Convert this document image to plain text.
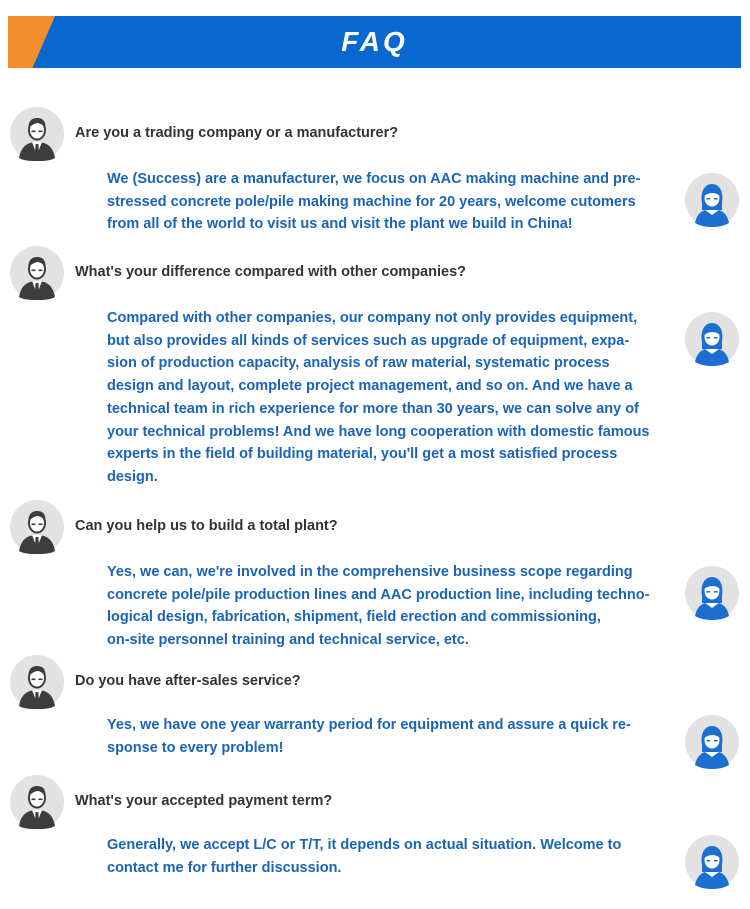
FAQ
Are you a trading company or a manufacturer?

We (Success) are a manufacturer, we focus on AAC making machine and pre-
stressed concrete pole/pile making machine for 20 years, welcome cutomers
from all of the world to visit us and visit the plant we build in China!

What's your difference compared with other companies?

Compared with other companies, our company not only provides equipment,
but also provides all kinds of services such as upgrade of equipment, expa-
sion of production capacity, analysis of raw material, systematic process
design and layout, complete project management, and so on. And we have a
technical team in rich experience for more than 30 years, we can solve any of
your technical problems! And we have long cooperation with domestic famous
experts in the field of building material, you'll get a most satisfied process
design.

Can you help us to build a total plant?

Yes, we can, we're involved in the comprehensive business scope regarding
concrete pole/pile production lines and AAC production line, including techno-
logical design, fabrication, shipment, field erection and commissioning,
on-site personnel training and technical service, etc.

Do you have after-sales service?

Yes, we have one year warranty period for equipment and assure a quick re-
sponse to every problem!

What's your accepted payment term?

Generally, we accept L/C or T/T, it depends on actual situation. Welcome to
contact me for further discussion.
